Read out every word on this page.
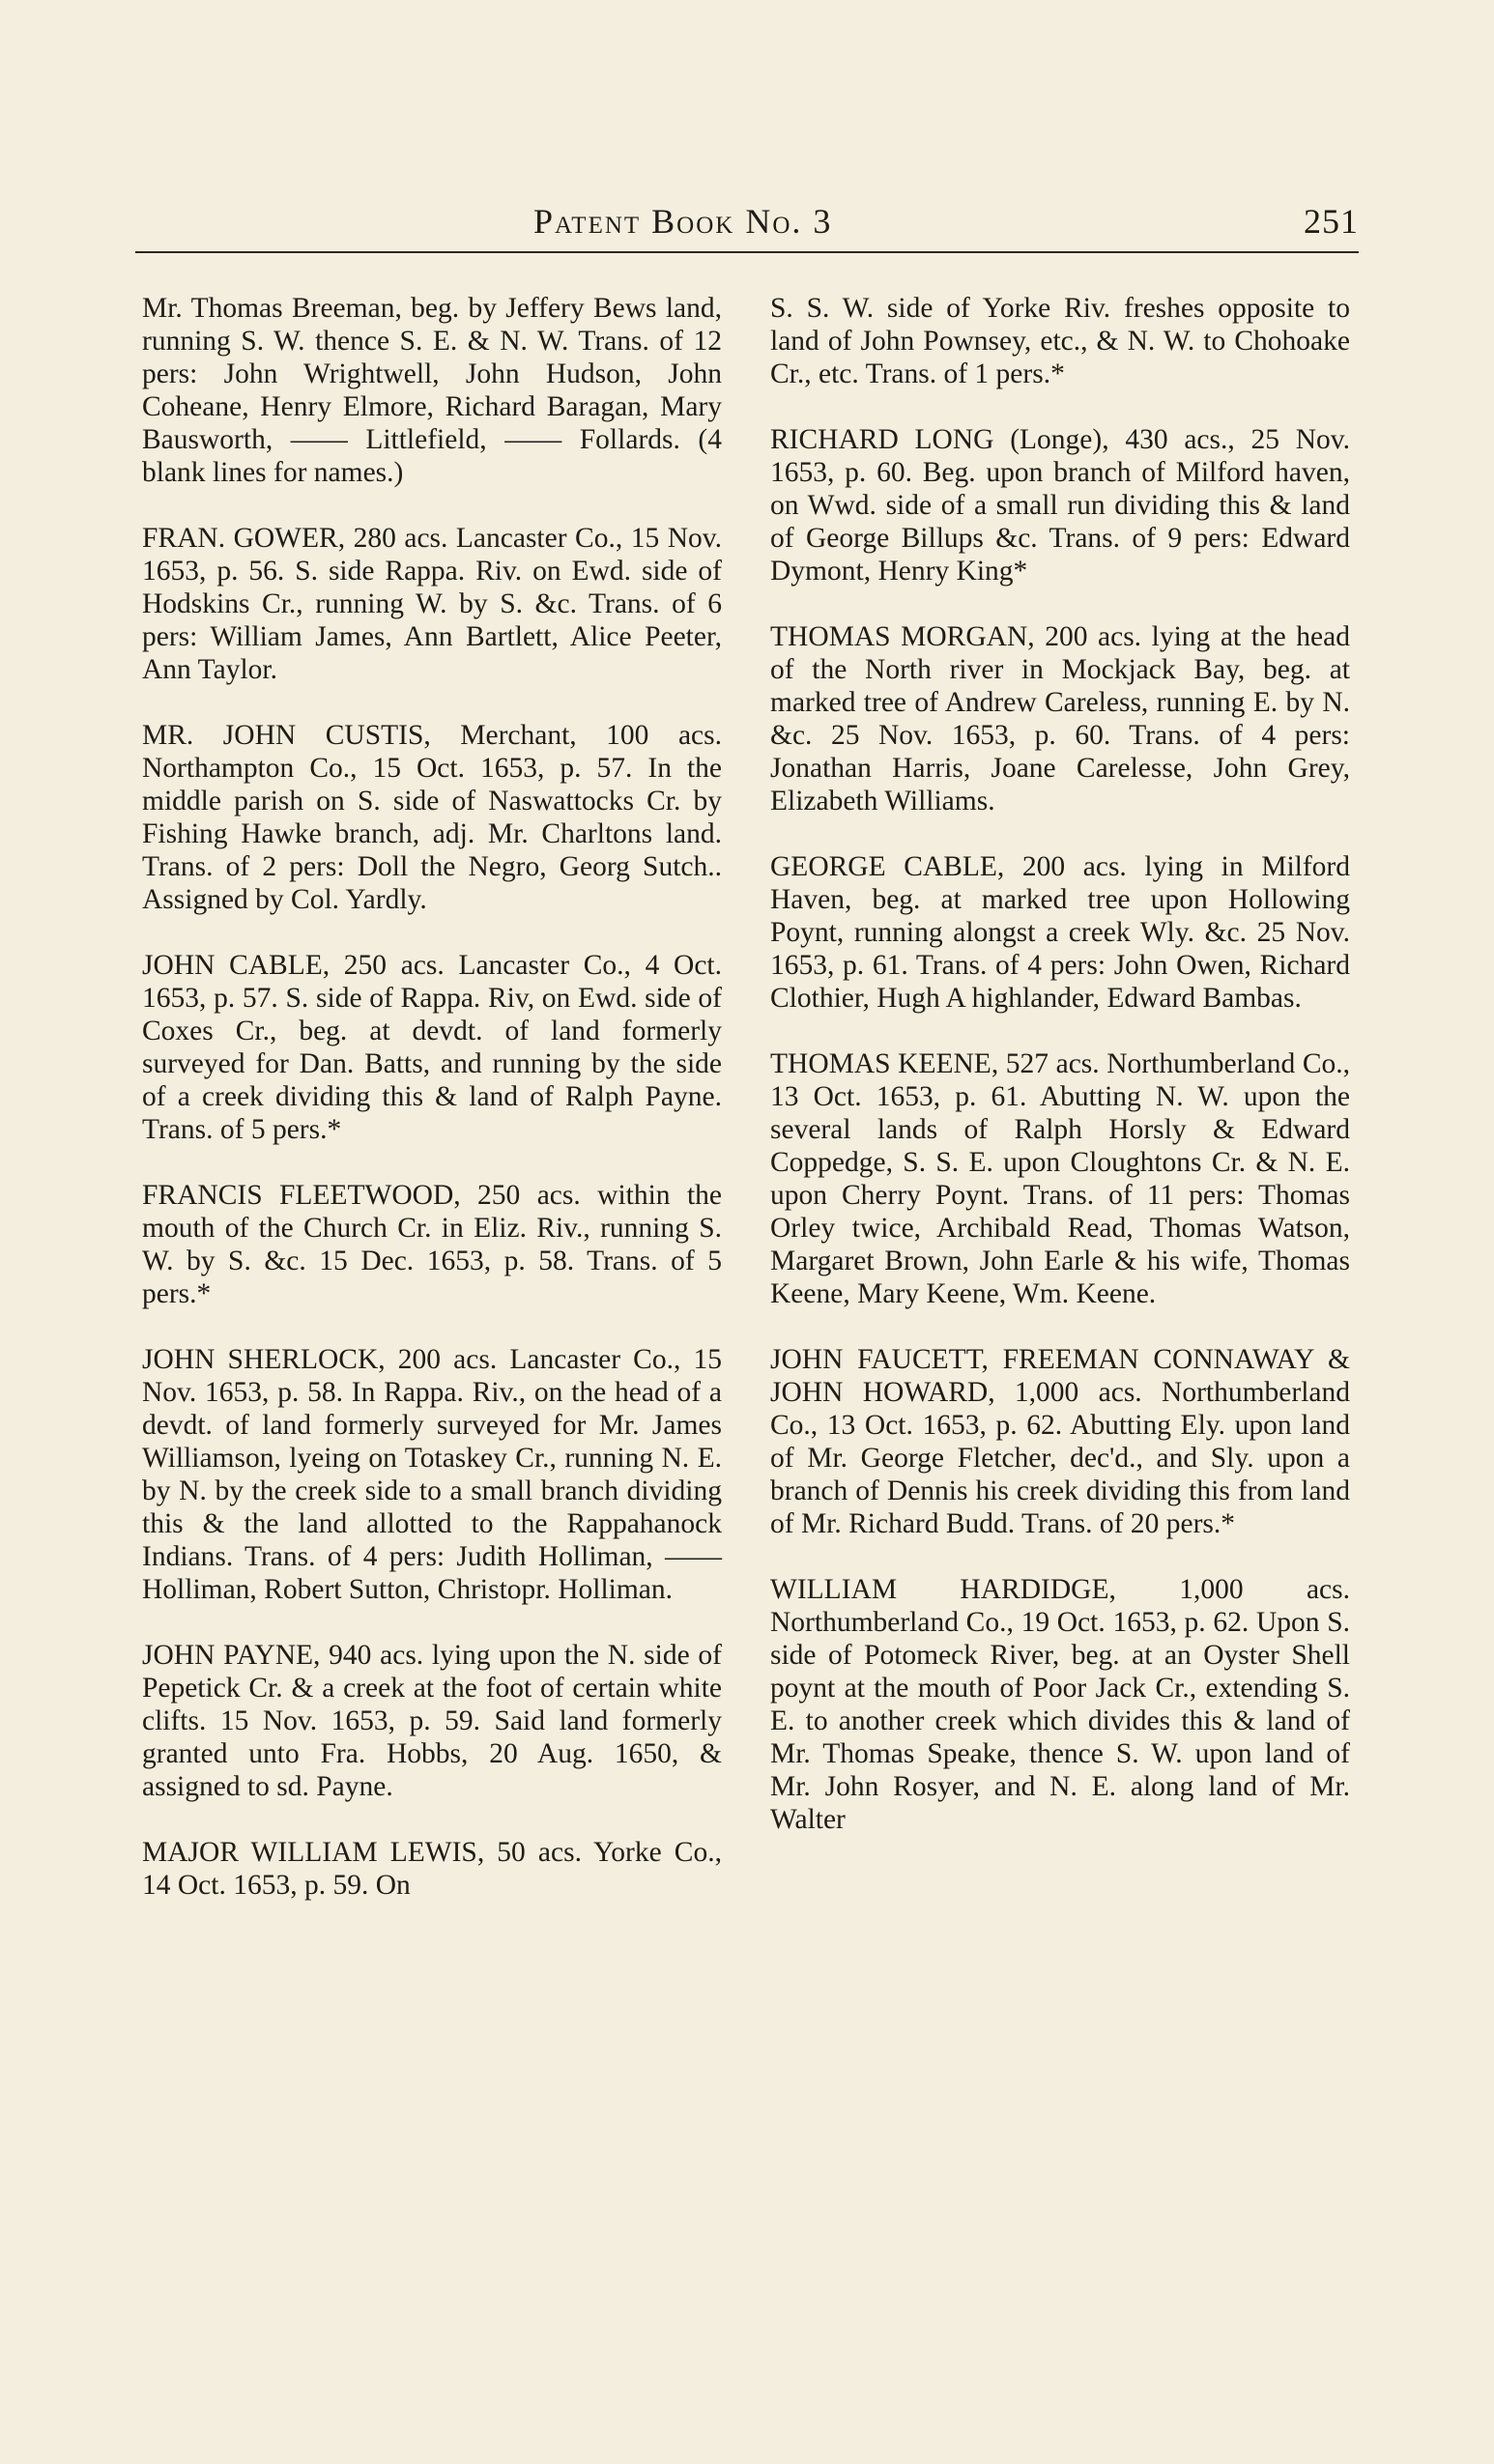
Patent Book No. 3	251

Mr. Thomas Breeman, beg. by Jeffery Bews land, running S. W. thence S. E. & N. W. Trans. of 12 pers: John Wrightwell, John Hudson, John Coheane, Henry Elmore, Richard Baragan, Mary Bausworth, —— Littlefield, —— Follards. (4 blank lines for names.)

FRAN. GOWER, 280 acs. Lancaster Co., 15 Nov. 1653, p. 56. S. side Rappa. Riv. on Ewd. side of Hodskins Cr., running W. by S. &c. Trans. of 6 pers: William James, Ann Bartlett, Alice Peeter, Ann Taylor.

MR. JOHN CUSTIS, Merchant, 100 acs. Northampton Co., 15 Oct. 1653, p. 57. In the middle parish on S. side of Naswattocks Cr. by Fishing Hawke branch, adj. Mr. Charltons land. Trans. of 2 pers: Doll the Negro, Georg Sutch.. Assigned by Col. Yardly.

JOHN CABLE, 250 acs. Lancaster Co., 4 Oct. 1653, p. 57. S. side of Rappa. Riv, on Ewd. side of Coxes Cr., beg. at devdt. of land formerly surveyed for Dan. Batts, and running by the side of a creek dividing this & land of Ralph Payne. Trans. of 5 pers.*

FRANCIS FLEETWOOD, 250 acs. within the mouth of the Church Cr. in Eliz. Riv., running S. W. by S. &c. 15 Dec. 1653, p. 58. Trans. of 5 pers.*

JOHN SHERLOCK, 200 acs. Lancaster Co., 15 Nov. 1653, p. 58. In Rappa. Riv., on the head of a devdt. of land formerly surveyed for Mr. James Williamson, lyeing on Totaskey Cr., running N. E. by N. by the creek side to a small branch dividing this & the land allotted to the Rappahanock Indians. Trans. of 4 pers: Judith Holliman, —— Holliman, Robert Sutton, Christopr. Holliman.

JOHN PAYNE, 940 acs. lying upon the N. side of Pepetick Cr. & a creek at the foot of certain white clifts. 15 Nov. 1653, p. 59. Said land formerly granted unto Fra. Hobbs, 20 Aug. 1650, & assigned to sd. Payne.

MAJOR WILLIAM LEWIS, 50 acs. Yorke Co., 14 Oct. 1653, p. 59. On

S. S. W. side of Yorke Riv. freshes opposite to land of John Pownsey, etc., & N. W. to Chohoake Cr., etc. Trans. of 1 pers.*

RICHARD LONG (Longe), 430 acs., 25 Nov. 1653, p. 60. Beg. upon branch of Milford haven, on Wwd. side of a small run dividing this & land of George Billups &c. Trans. of 9 pers: Edward Dymont, Henry King*

THOMAS MORGAN, 200 acs. lying at the head of the North river in Mockjack Bay, beg. at marked tree of Andrew Careless, running E. by N. &c. 25 Nov. 1653, p. 60. Trans. of 4 pers: Jonathan Harris, Joane Carelesse, John Grey, Elizabeth Williams.

GEORGE CABLE, 200 acs. lying in Milford Haven, beg. at marked tree upon Hollowing Poynt, running alongst a creek Wly. &c. 25 Nov. 1653, p. 61. Trans. of 4 pers: John Owen, Richard Clothier, Hugh A highlander, Edward Bambas.

THOMAS KEENE, 527 acs. Northumberland Co., 13 Oct. 1653, p. 61. Abutting N. W. upon the several lands of Ralph Horsly & Edward Coppedge, S. S. E. upon Cloughtons Cr. & N. E. upon Cherry Poynt. Trans. of 11 pers: Thomas Orley twice, Archibald Read, Thomas Watson, Margaret Brown, John Earle & his wife, Thomas Keene, Mary Keene, Wm. Keene.

JOHN FAUCETT, FREEMAN CONNAWAY & JOHN HOWARD, 1,000 acs. Northumberland Co., 13 Oct. 1653, p. 62. Abutting Ely. upon land of Mr. George Fletcher, dec'd., and Sly. upon a branch of Dennis his creek dividing this from land of Mr. Richard Budd. Trans. of 20 pers.*

WILLIAM HARDIDGE, 1,000 acs. Northumberland Co., 19 Oct. 1653, p. 62. Upon S. side of Potomeck River, beg. at an Oyster Shell poynt at the mouth of Poor Jack Cr., extending S. E. to another creek which divides this & land of Mr. Thomas Speake, thence S. W. upon land of Mr. John Rosyer, and N. E. along land of Mr. Walter
